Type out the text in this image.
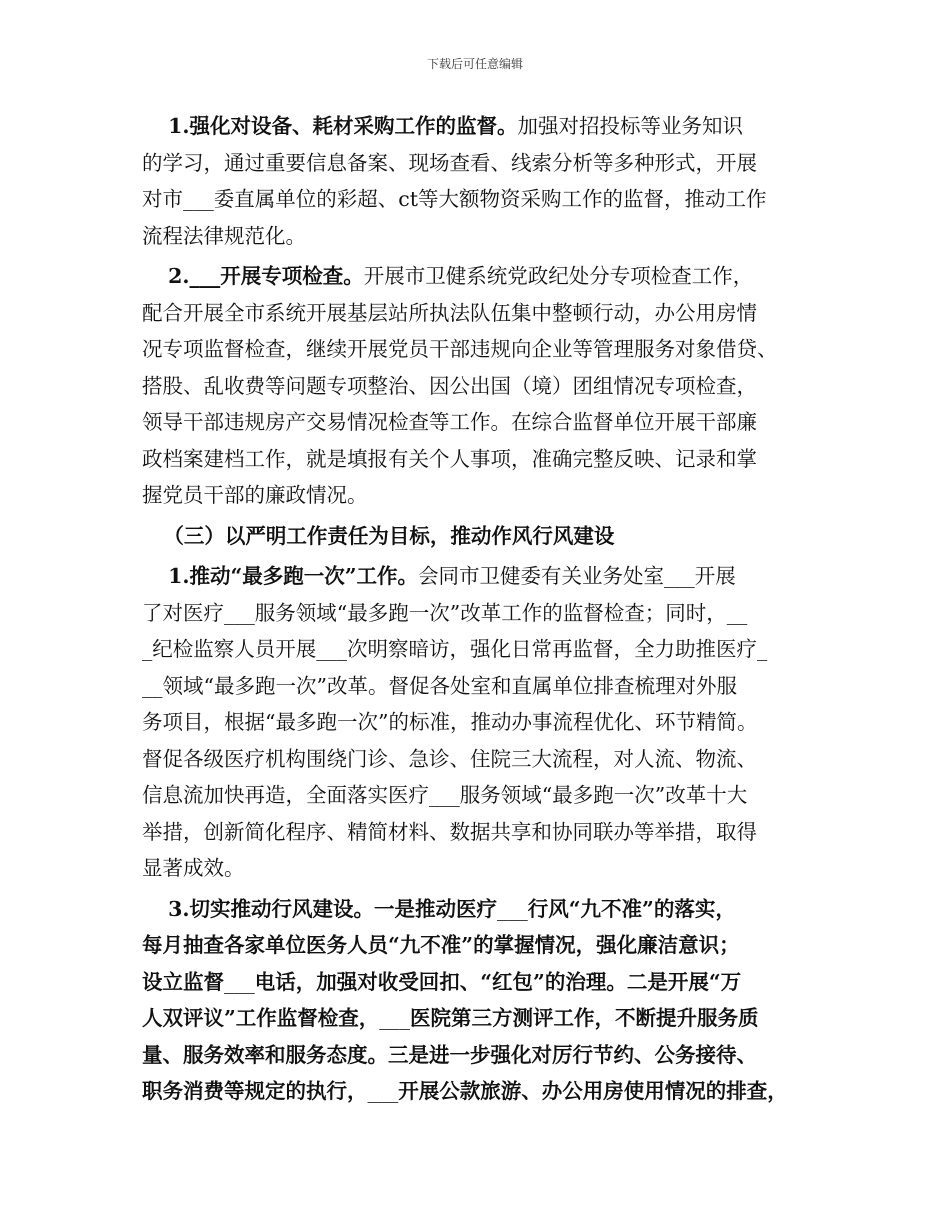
下载后可任意编辑
1.强化对设备、耗材采购工作的监督。加强对招投标等业务知识
的学习，通过重要信息备案、现场查看、线索分析等多种形式，开展
对市___委直属单位的彩超、ct等大额物资采购工作的监督，推动工作
流程法律规范化。
2.___开展专项检查。开展市卫健系统党政纪处分专项检查工作，
配合开展全市系统开展基层站所执法队伍集中整顿行动，办公用房情
况专项监督检查，继续开展党员干部违规向企业等管理服务对象借贷、
搭股、乱收费等问题专项整治、因公出国（境）团组情况专项检查，
领导干部违规房产交易情况检查等工作。在综合监督单位开展干部廉
政档案建档工作，就是填报有关个人事项，准确完整反映、记录和掌
握党员干部的廉政情况。
（三）以严明工作责任为目标，推动作风行风建设
1.推动“最多跑一次”工作。会同市卫健委有关业务处室___开展
了对医疗___服务领域“最多跑一次”改革工作的监督检查；同时，__
_纪检监察人员开展___次明察暗访，强化日常再监督，全力助推医疗_
__领域“最多跑一次”改革。督促各处室和直属单位排查梳理对外服
务项目，根据“最多跑一次”的标准，推动办事流程优化、环节精简。
督促各级医疗机构围绕门诊、急诊、住院三大流程，对人流、物流、
信息流加快再造，全面落实医疗___服务领域“最多跑一次”改革十大
举措，创新简化程序、精简材料、数据共享和协同联办等举措，取得
显著成效。
3.切实推动行风建设。一是推动医疗___行风“九不准”的落实，
每月抽查各家单位医务人员“九不准”的掌握情况，强化廉洁意识；
设立监督___电话，加强对收受回扣、“红包”的治理。二是开展“万
人双评议”工作监督检查，___医院第三方测评工作，不断提升服务质
量、服务效率和服务态度。三是进一步强化对厉行节约、公务接待、
职务消费等规定的执行，___开展公款旅游、办公用房使用情况的排查，
